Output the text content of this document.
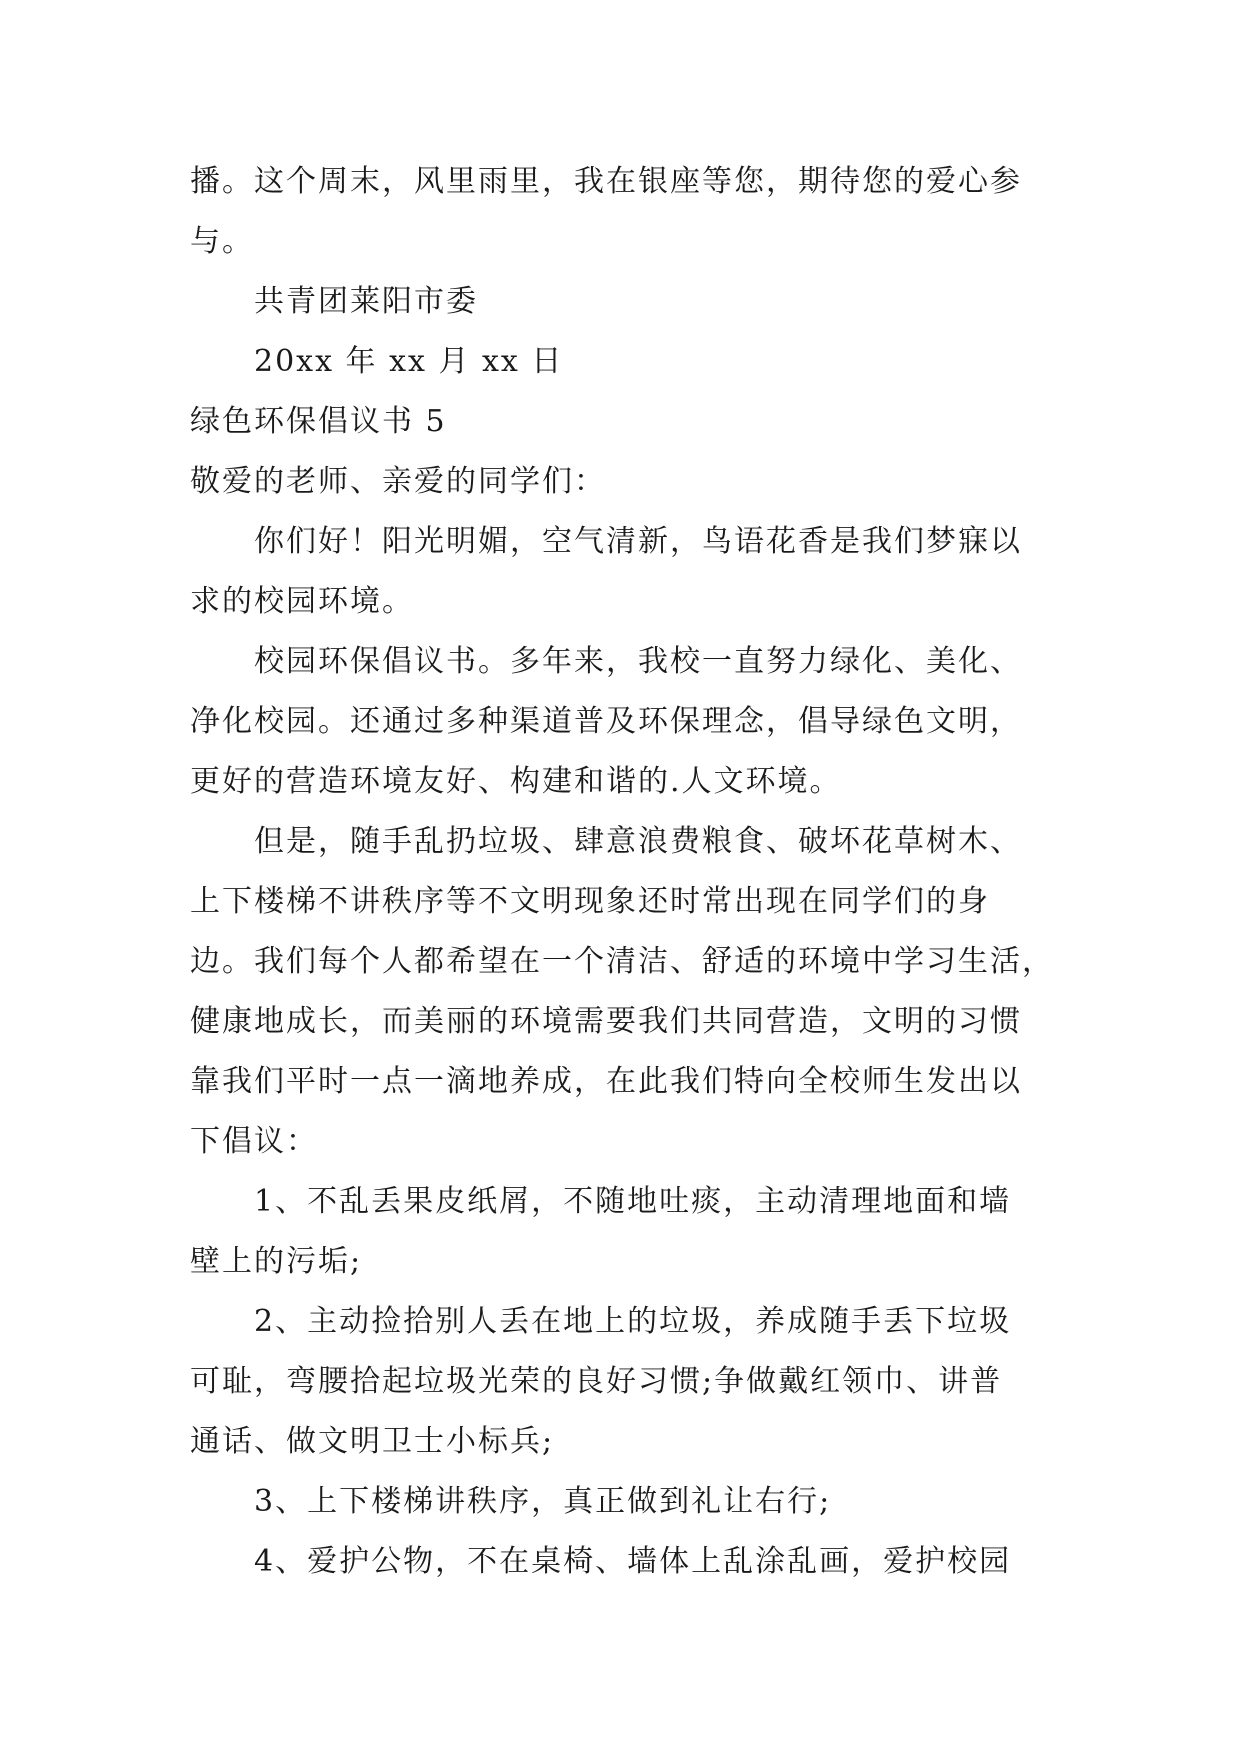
播。这个周末，风里雨里，我在银座等您，期待您的爱心参
与。
共青团莱阳市委
20xx 年 xx 月 xx 日
绿色环保倡议书 5
敬爱的老师、亲爱的同学们：
你们好！阳光明媚，空气清新，鸟语花香是我们梦寐以
求的校园环境。
校园环保倡议书。多年来，我校一直努力绿化、美化、
净化校园。还通过多种渠道普及环保理念，倡导绿色文明，
更好的营造环境友好、构建和谐的.人文环境。
但是，随手乱扔垃圾、肆意浪费粮食、破坏花草树木、
上下楼梯不讲秩序等不文明现象还时常出现在同学们的身
边。我们每个人都希望在一个清洁、舒适的环境中学习生活，
健康地成长，而美丽的环境需要我们共同营造，文明的习惯
靠我们平时一点一滴地养成，在此我们特向全校师生发出以
下倡议：
1、不乱丢果皮纸屑，不随地吐痰，主动清理地面和墙
壁上的污垢;
2、主动捡拾别人丢在地上的垃圾，养成随手丢下垃圾
可耻，弯腰拾起垃圾光荣的良好习惯;争做戴红领巾、讲普
通话、做文明卫士小标兵;
3、上下楼梯讲秩序，真正做到礼让右行;
4、爱护公物，不在桌椅、墙体上乱涂乱画，爱护校园
